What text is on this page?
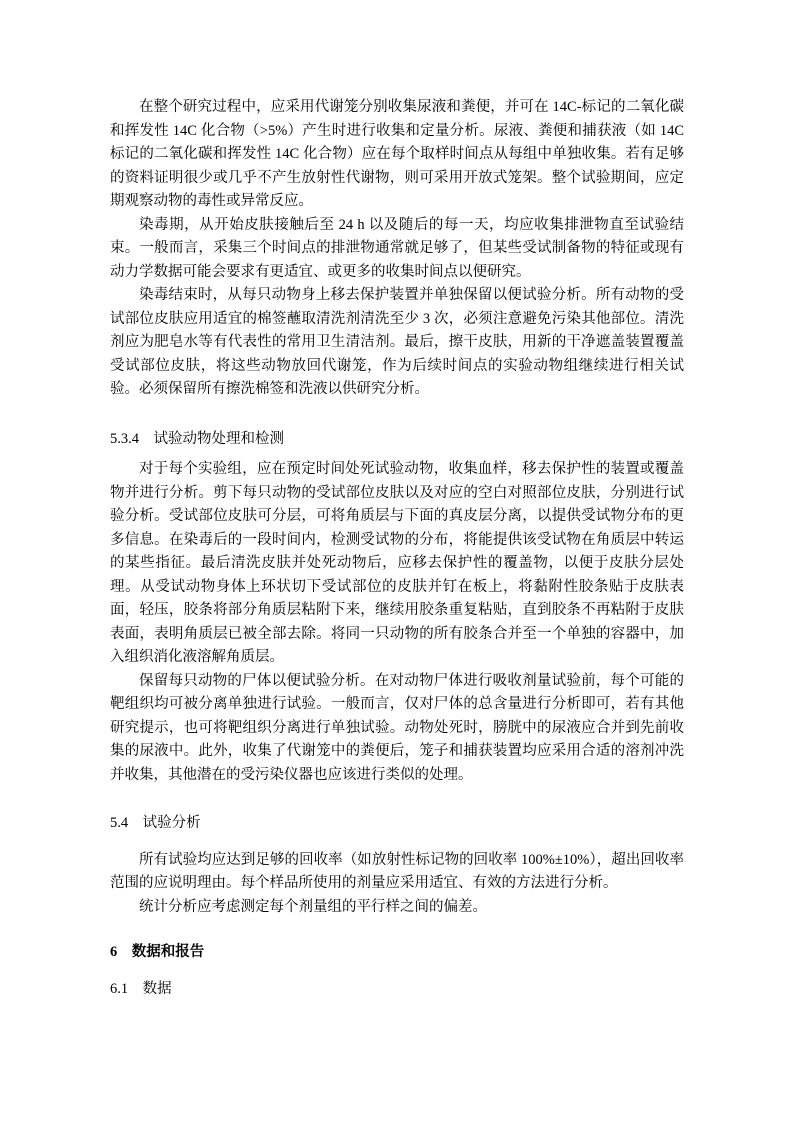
在整个研究过程中，应采用代谢笼分别收集尿液和粪便，并可在 14C-标记的二氧化碳和挥发性 14C 化合物（>5%）产生时进行收集和定量分析。尿液、粪便和捕获液（如 14C 标记的二氧化碳和挥发性 14C 化合物）应在每个取样时间点从每组中单独收集。若有足够的资料证明很少或几乎不产生放射性代谢物，则可采用开放式笼架。整个试验期间，应定期观察动物的毒性或异常反应。

染毒期，从开始皮肤接触后至 24 h 以及随后的每一天，均应收集排泄物直至试验结束。一般而言，采集三个时间点的排泄物通常就足够了，但某些受试制备物的特征或现有动力学数据可能会要求有更适宜、或更多的收集时间点以便研究。

染毒结束时，从每只动物身上移去保护装置并单独保留以便试验分析。所有动物的受试部位皮肤应用适宜的棉签蘸取清洗剂清洗至少 3 次，必须注意避免污染其他部位。清洗剂应为肥皂水等有代表性的常用卫生清洁剂。最后，擦干皮肤，用新的干净遮盖装置覆盖受试部位皮肤，将这些动物放回代谢笼，作为后续时间点的实验动物组继续进行相关试验。必须保留所有擦洗棉签和洗液以供研究分析。

5.3.4 试验动物处理和检测

对于每个实验组，应在预定时间处死试验动物，收集血样，移去保护性的装置或覆盖物并进行分析。剪下每只动物的受试部位皮肤以及对应的空白对照部位皮肤，分别进行试验分析。受试部位皮肤可分层，可将角质层与下面的真皮层分离，以提供受试物分布的更多信息。在染毒后的一段时间内，检测受试物的分布，将能提供该受试物在角质层中转运的某些指征。最后清洗皮肤并处死动物后，应移去保护性的覆盖物，以便于皮肤分层处理。从受试动物身体上环状切下受试部位的皮肤并钉在板上，将黏附性胶条贴于皮肤表面，轻压，胶条将部分角质层粘附下来，继续用胶条重复粘贴，直到胶条不再粘附于皮肤表面，表明角质层已被全部去除。将同一只动物的所有胶条合并至一个单独的容器中，加入组织消化液溶解角质层。

保留每只动物的尸体以便试验分析。在对动物尸体进行吸收剂量试验前，每个可能的靶组织均可被分离单独进行试验。一般而言，仅对尸体的总含量进行分析即可，若有其他研究提示，也可将靶组织分离进行单独试验。动物处死时，膀胱中的尿液应合并到先前收集的尿液中。此外，收集了代谢笼中的粪便后，笼子和捕获装置均应采用合适的溶剂冲洗并收集，其他潜在的受污染仪器也应该进行类似的处理。

5.4 试验分析

所有试验均应达到足够的回收率（如放射性标记物的回收率 100%±10%），超出回收率范围的应说明理由。每个样品所使用的剂量应采用适宜、有效的方法进行分析。

统计分析应考虑测定每个剂量组的平行样之间的偏差。

6 数据和报告
6.1 数据
